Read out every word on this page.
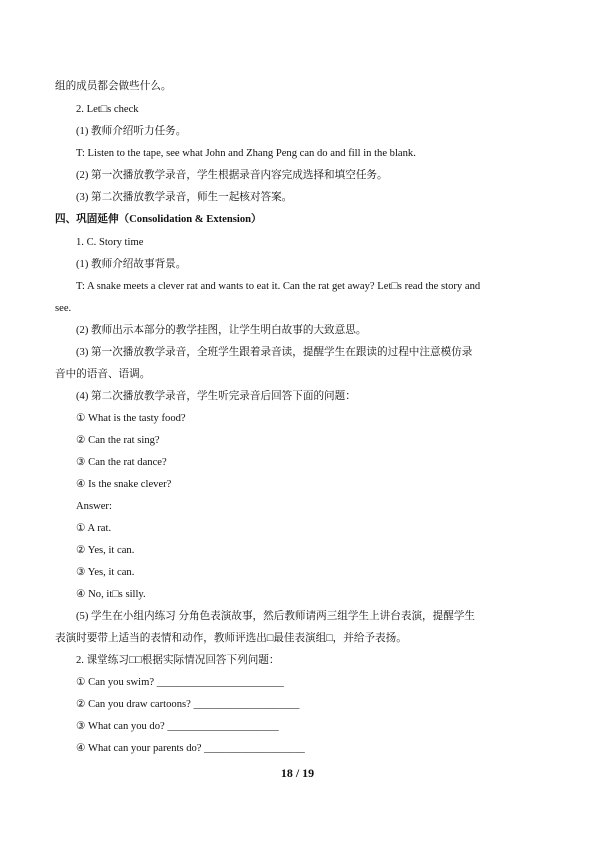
组的成员都会做些什么。
2. Let□s check
(1) 教师介绍听力任务。
T: Listen to the tape, see what John and Zhang Peng can do and fill in the blank.
(2) 第一次播放教学录音，学生根据录音内容完成选择和填空任务。
(3) 第二次播放教学录音，师生一起核对答案。
四、巩固延伸（Consolidation & Extension）
1. C. Story time
(1) 教师介绍故事背景。
T: A snake meets a clever rat and wants to eat it. Can the rat get away? Let□s read the story and
see.
(2) 教师出示本部分的教学挂图，让学生明白故事的大致意思。
(3) 第一次播放教学录音，全班学生跟着录音读，提醒学生在跟读的过程中注意模仿录
音中的语音、语调。
(4) 第二次播放教学录音，学生听完录音后回答下面的问题：
① What is the tasty food?
② Can the rat sing?
③ Can the rat dance?
④ Is the snake clever?
Answer:
① A rat.
② Yes, it can.
③ Yes, it can.
④ No, it□s silly.
(5) 学生在小组内练习 分角色表演故事，然后教师请两三组学生上讲台表演，提醒学生
表演时要带上适当的表情和动作，教师评选出□最佳表演组□，并给予表扬。
2. 课堂练习□□根据实际情况回答下列问题：
① Can you swim? ________________________
② Can you draw cartoons? ____________________
③ What can you do? _____________________
④ What can your parents do? ___________________
18 / 19
